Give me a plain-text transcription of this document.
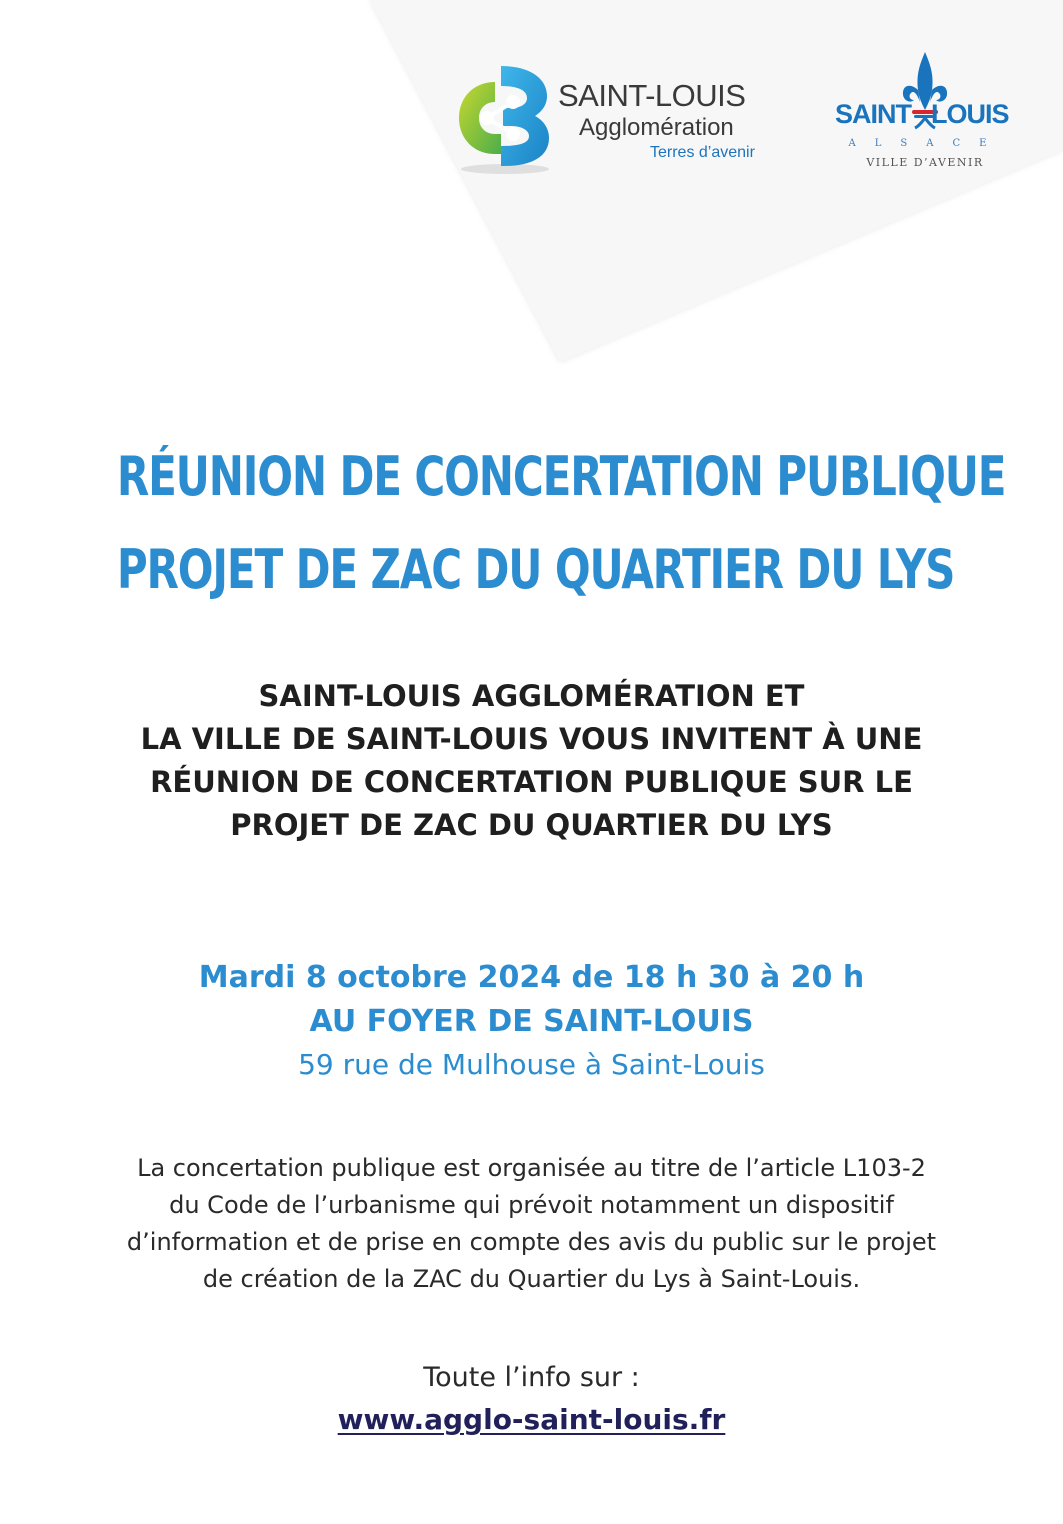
SAINT-LOUIS
Agglomération
Terres d’avenir
SAINT LOUIS
ALSACE
VILLE D’AVENIR
RÉUNION DE CONCERTATION PUBLIQUE
PROJET DE ZAC DU QUARTIER DU LYS
SAINT-LOUIS AGGLOMÉRATION ET
LA VILLE DE SAINT-LOUIS VOUS INVITENT À UNE
RÉUNION DE CONCERTATION PUBLIQUE SUR LE
PROJET DE ZAC DU QUARTIER DU LYS
Mardi 8 octobre 2024 de 18 h 30 à 20 h
AU FOYER DE SAINT-LOUIS
59 rue de Mulhouse à Saint-Louis
La concertation publique est organisée au titre de l’article L103-2
du Code de l’urbanisme qui prévoit notamment un dispositif
d’information et de prise en compte des avis du public sur le projet
de création de la ZAC du Quartier du Lys à Saint-Louis.
Toute l’info sur :
www.agglo-saint-louis.fr
